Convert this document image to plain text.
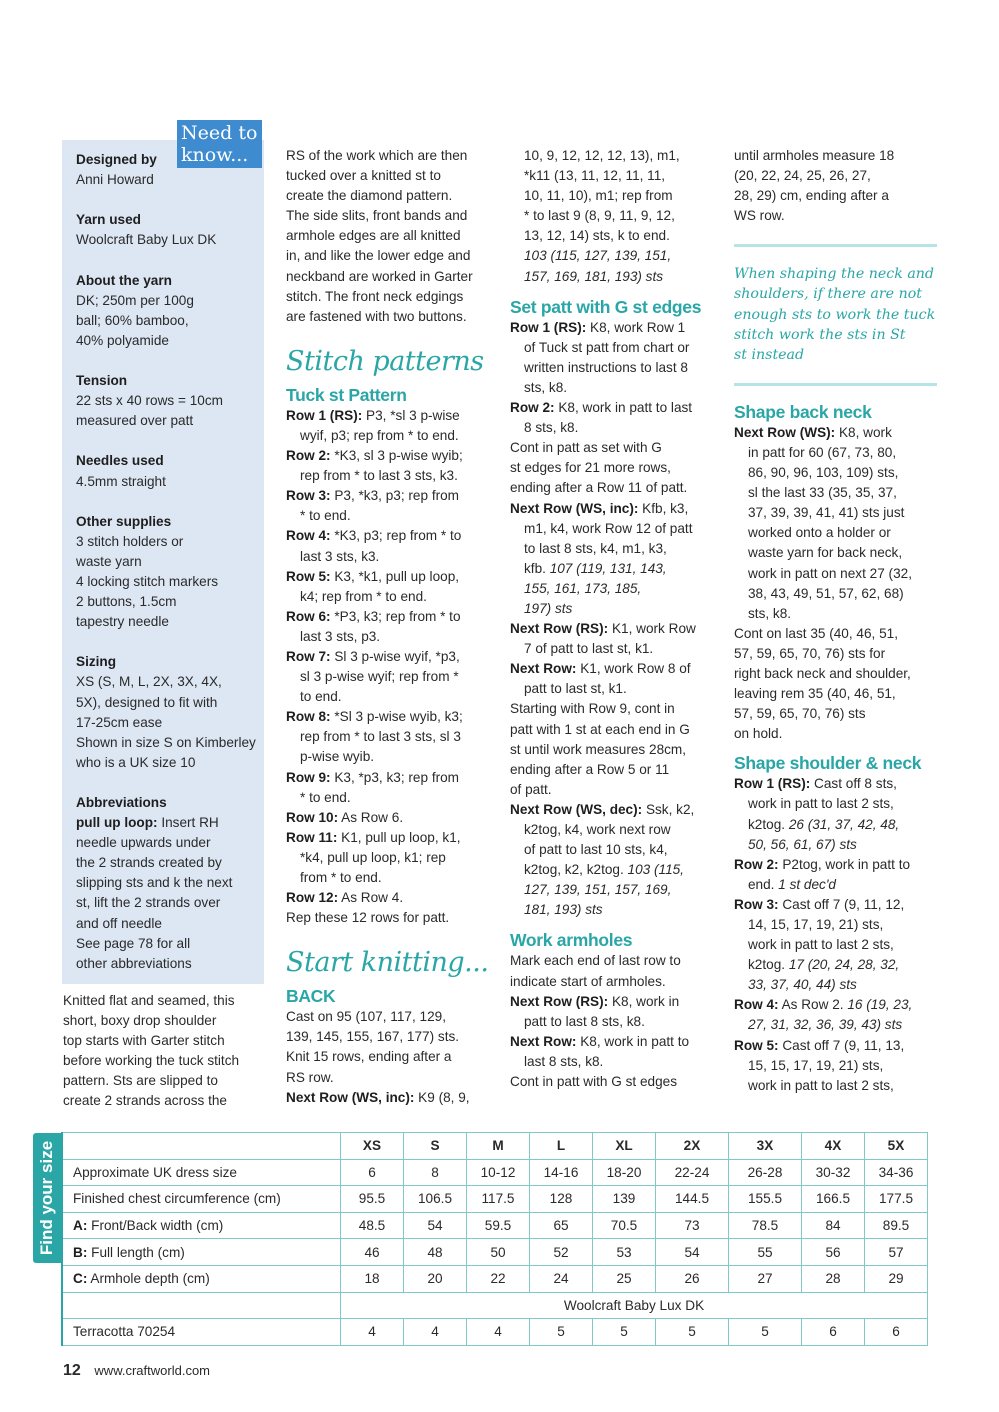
Need to
know...

Designed by

Anni Howard

Yarn used

Woolcraft Baby Lux DK

About the yarn

DK; 250m per 100g

ball; 60% bamboo,

40% polyamide

Tension

22 sts x 40 rows = 10cm

measured over patt

Needles used

4.5mm straight

Other supplies

3 stitch holders or

waste yarn

4 locking stitch markers

2 buttons, 1.5cm

tapestry needle

Sizing

XS (S, M, L, 2X, 3X, 4X,

5X), designed to fit with

17-25cm ease

Shown in size S on Kimberley

who is a UK size 10

Abbreviations

pull up loop: Insert RH

needle upwards under

the 2 strands created by

slipping sts and k the next

st, lift the 2 strands over

and off needle

See page 78 for all

other abbreviations

Knitted flat and seamed, this

short, boxy drop shoulder

top starts with Garter stitch

before working the tuck stitch

pattern. Sts are slipped to

create 2 strands across the

RS of the work which are then

tucked over a knitted st to

create the diamond pattern.

The side slits, front bands and

armhole edges are all knitted

in, and like the lower edge and

neckband are worked in Garter

stitch. The front neck edgings

are fastened with two buttons.

Stitch patterns

Tuck st Pattern

Row 1 (RS): P3, *sl 3 p-wise

wyif, p3; rep from * to end.

Row 2: *K3, sl 3 p-wise wyib;

rep from * to last 3 sts, k3.

Row 3: P3, *k3, p3; rep from

* to end.

Row 4: *K3, p3; rep from * to

last 3 sts, k3.

Row 5: K3, *k1, pull up loop,

k4; rep from * to end.

Row 6: *P3, k3; rep from * to

last 3 sts, p3.

Row 7: Sl 3 p-wise wyif, *p3,

sl 3 p-wise wyif; rep from *

to end.

Row 8: *Sl 3 p-wise wyib, k3;

rep from * to last 3 sts, sl 3

p-wise wyib.

Row 9: K3, *p3, k3; rep from

* to end.

Row 10: As Row 6.

Row 11: K1, pull up loop, k1,

*k4, pull up loop, k1; rep

from * to end.

Row 12: As Row 4.

Rep these 12 rows for patt.

Start knitting...

BACK

Cast on 95 (107, 117, 129,

139, 145, 155, 167, 177) sts.

Knit 15 rows, ending after a

RS row.

Next Row (WS, inc): K9 (8, 9,

10, 9, 12, 12, 12, 13), m1,

*k11 (13, 11, 12, 11, 11,

10, 11, 10), m1; rep from

* to last 9 (8, 9, 11, 9, 12,

13, 12, 14) sts, k to end.

103 (115, 127, 139, 151,

157, 169, 181, 193) sts

Set patt with G st edges

Row 1 (RS): K8, work Row 1

of Tuck st patt from chart or

written instructions to last 8

sts, k8.

Row 2: K8, work in patt to last

8 sts, k8.

Cont in patt as set with G

st edges for 21 more rows,

ending after a Row 11 of patt.

Next Row (WS, inc): Kfb, k3,

m1, k4, work Row 12 of patt

to last 8 sts, k4, m1, k3,

kfb. 107 (119, 131, 143,

155, 161, 173, 185,

197) sts

Next Row (RS): K1, work Row

7 of patt to last st, k1.

Next Row: K1, work Row 8 of

patt to last st, k1.

Starting with Row 9, cont in

patt with 1 st at each end in G

st until work measures 28cm,

ending after a Row 5 or 11

of patt.

Next Row (WS, dec): Ssk, k2,

k2tog, k4, work next row

of patt to last 10 sts, k4,

k2tog, k2, k2tog. 103 (115,

127, 139, 151, 157, 169,

181, 193) sts

Work armholes

Mark each end of last row to

indicate start of armholes.

Next Row (RS): K8, work in

patt to last 8 sts, k8.

Next Row: K8, work in patt to

last 8 sts, k8.

Cont in patt with G st edges

until armholes measure 18

(20, 22, 24, 25, 26, 27,

28, 29) cm, ending after a

WS row.

When shaping the neck and

shoulders, if there are not

enough sts to work the tuck

stitch work the sts in St

st instead

Shape back neck

Next Row (WS): K8, work

in patt for 60 (67, 73, 80,

86, 90, 96, 103, 109) sts,

sl the last 33 (35, 35, 37,

37, 39, 39, 41, 41) sts just

worked onto a holder or

waste yarn for back neck,

work in patt on next 27 (32,

38, 43, 49, 51, 57, 62, 68)

sts, k8.

Cont on last 35 (40, 46, 51,

57, 59, 65, 70, 76) sts for

right back neck and shoulder,

leaving rem 35 (40, 46, 51,

57, 59, 65, 70, 76) sts

on hold.

Shape shoulder & neck

Row 1 (RS): Cast off 8 sts,

work in patt to last 2 sts,

k2tog. 26 (31, 37, 42, 48,

50, 56, 61, 67) sts

Row 2: P2tog, work in patt to

end. 1 st dec'd

Row 3: Cast off 7 (9, 11, 12,

14, 15, 17, 19, 21) sts,

work in patt to last 2 sts,

k2tog. 17 (20, 24, 28, 32,

33, 37, 40, 44) sts

Row 4: As Row 2. 16 (19, 23,

27, 31, 32, 36, 39, 43) sts

Row 5: Cast off 7 (9, 11, 13,

15, 15, 17, 19, 21) sts,

work in patt to last 2 sts,

Find your size
		XS	S	M	L	XL	2X	3X	4X	5X
Approximate UK dress size	6	8	10-12	14-16	18-20	22-24	26-28	30-32	34-36
Finished chest circumference (cm)	95.5	106.5	117.5	128	139	144.5	155.5	166.5	177.5
A: Front/Back width (cm)	48.5	54	59.5	65	70.5	73	78.5	84	89.5
B: Full length (cm)	46	48	50	52	53	54	55	56	57
C: Armhole depth (cm)	18	20	22	24	25	26	27	28	29
	Woolcraft Baby Lux DK								
Terracotta 70254	4	4	4	5	5	5	5	6	6
12 www.craftworld.com
